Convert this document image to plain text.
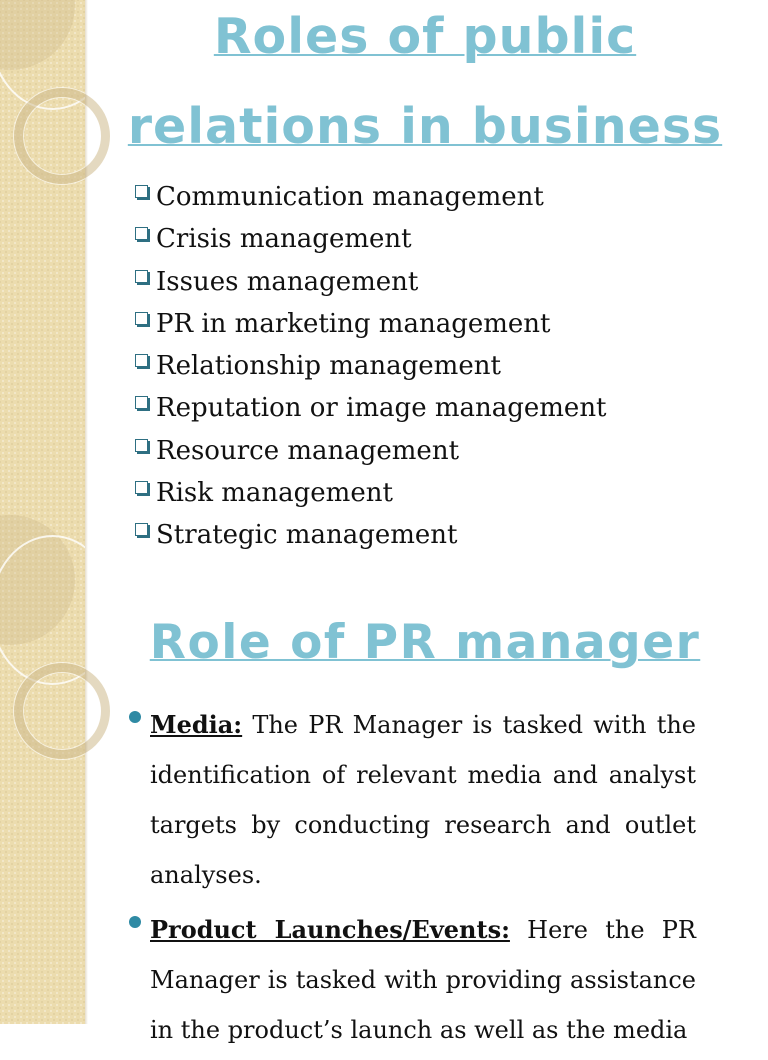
Roles of public
relations in business
Communication management
Crisis management
Issues management
PR in marketing management
Relationship management
Reputation or image management
Resource management
Risk management
Strategic management
Role of PR manager

Media: The PR Manager is tasked with the identification of relevant media and analyst targets by conducting research and outlet analyses.

Product Launches/Events: Here the PR Manager is tasked with providing assistance in the product’s launch as well as the media
